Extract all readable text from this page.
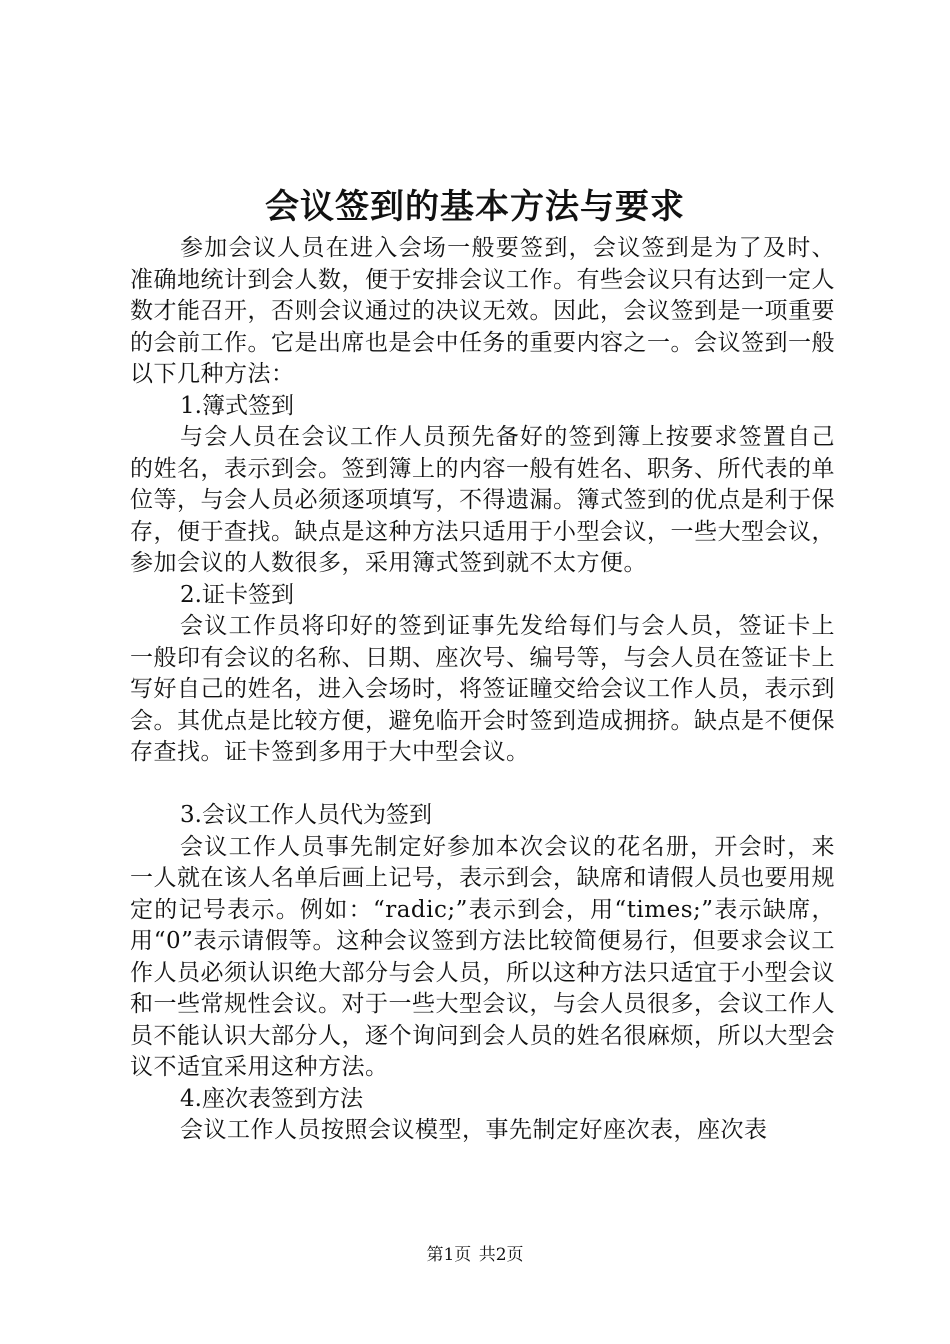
会议签到的基本方法与要求

参加会议人员在进入会场一般要签到，会议签到是为了及时、准确地统计到会人数，便于安排会议工作。有些会议只有达到一定人数才能召开，否则会议通过的决议无效。因此，会议签到是一项重要的会前工作。它是出席也是会中任务的重要内容之一。会议签到一般以下几种方法：

1.簿式签到

与会人员在会议工作人员预先备好的签到簿上按要求签置自己的姓名，表示到会。签到簿上的内容一般有姓名、职务、所代表的单位等，与会人员必须逐项填写，不得遗漏。簿式签到的优点是利于保存，便于查找。缺点是这种方法只适用于小型会议，一些大型会议，参加会议的人数很多，采用簿式签到就不太方便。

2.证卡签到

会议工作员将印好的签到证事先发给每们与会人员，签证卡上一般印有会议的名称、日期、座次号、编号等，与会人员在签证卡上写好自己的姓名，进入会场时，将签证瞳交给会议工作人员，表示到会。其优点是比较方便，避免临开会时签到造成拥挤。缺点是不便保存查找。证卡签到多用于大中型会议。

3.会议工作人员代为签到

会议工作人员事先制定好参加本次会议的花名册，开会时，来一人就在该人名单后画上记号，表示到会，缺席和请假人员也要用规定的记号表示。例如：“radic;”表示到会，用“times;”表示缺席，用“0”表示请假等。这种会议签到方法比较简便易行，但要求会议工作人员必须认识绝大部分与会人员，所以这种方法只适宜于小型会议和一些常规性会议。对于一些大型会议，与会人员很多，会议工作人员不能认识大部分人，逐个询问到会人员的姓名很麻烦，所以大型会议不适宜采用这种方法。

4.座次表签到方法

会议工作人员按照会议模型，事先制定好座次表，座次表

第1页 共2页
